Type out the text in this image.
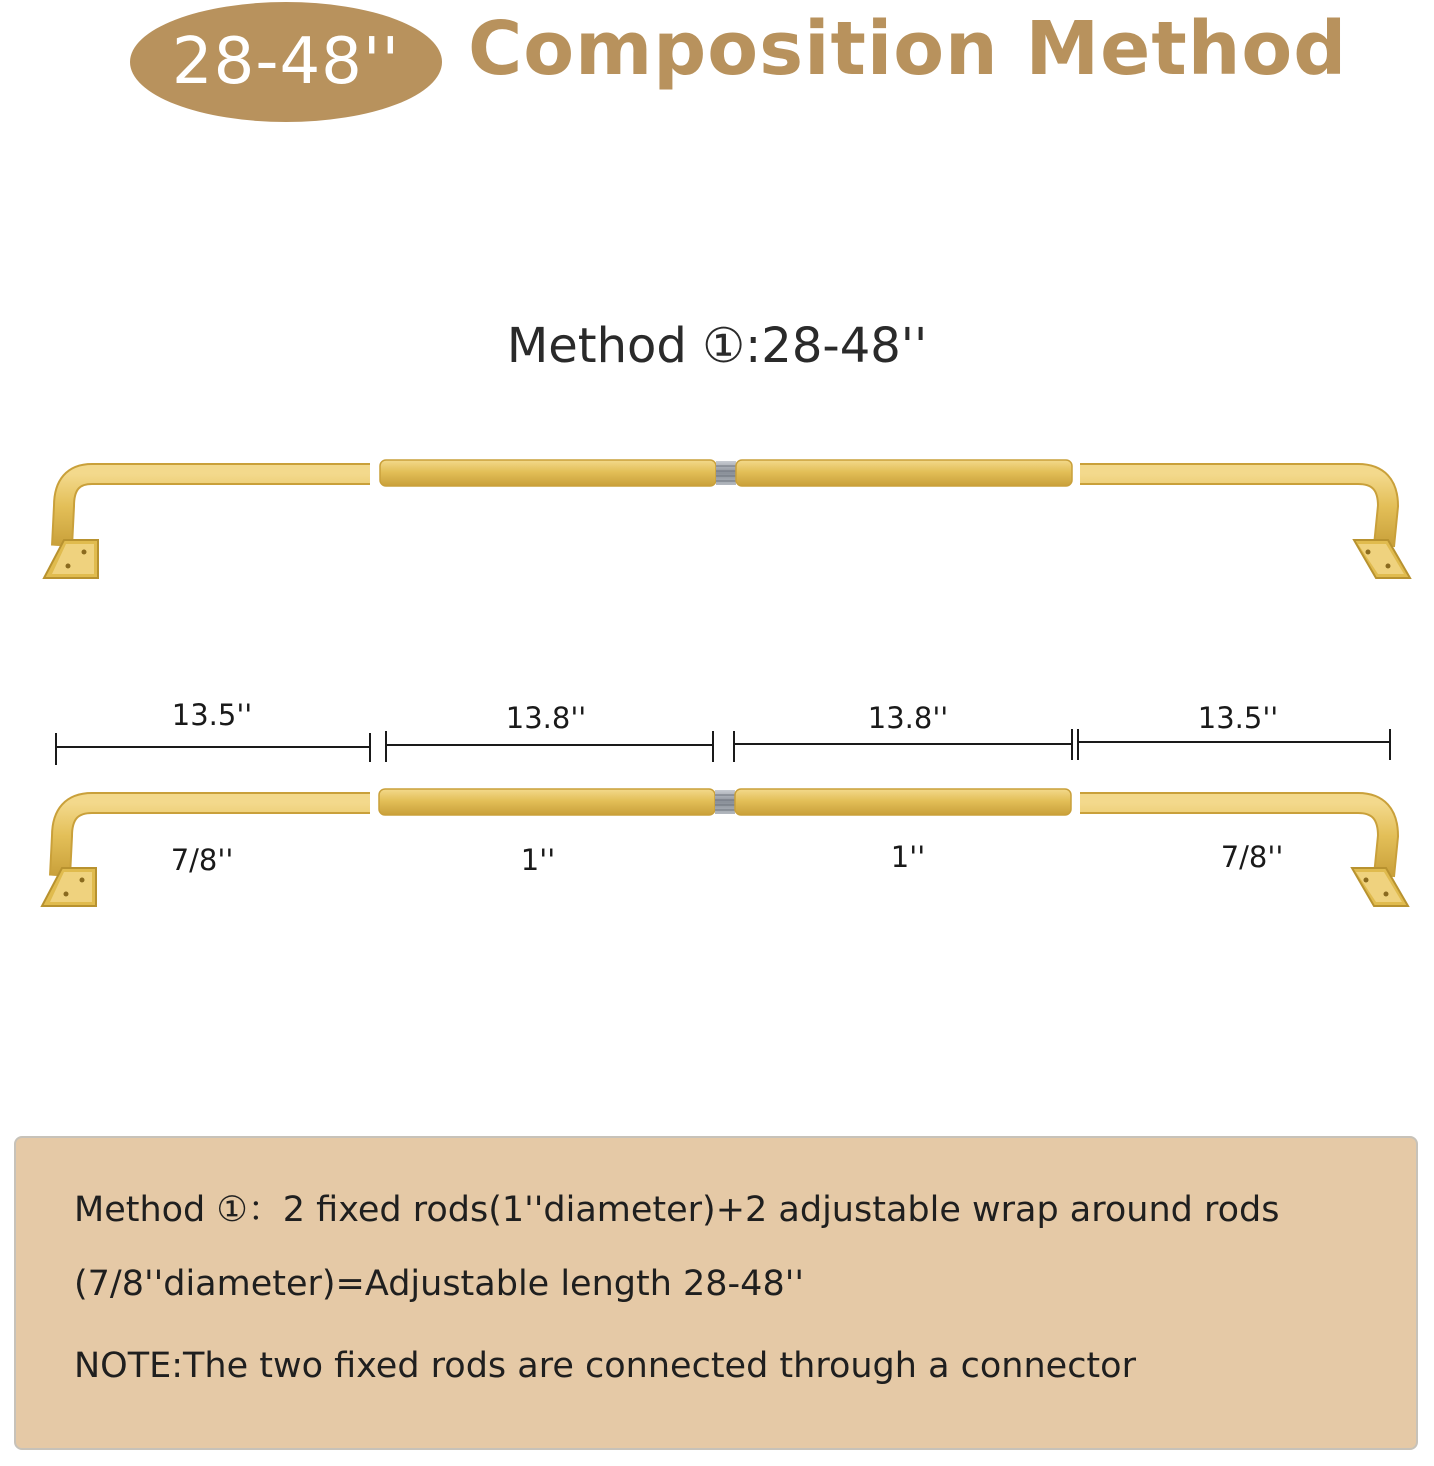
28-48'' Composition Method
Method ①:28-48''
13.5''	13.8''	13.8''	13.5''
7/8''	1''	1''	7/8''
Method ①：2 fixed rods(1''diameter)+2 adjustable wrap around rods
(7/8''diameter)=Adjustable length 28-48''
NOTE:The two fixed rods are connected through a connector
